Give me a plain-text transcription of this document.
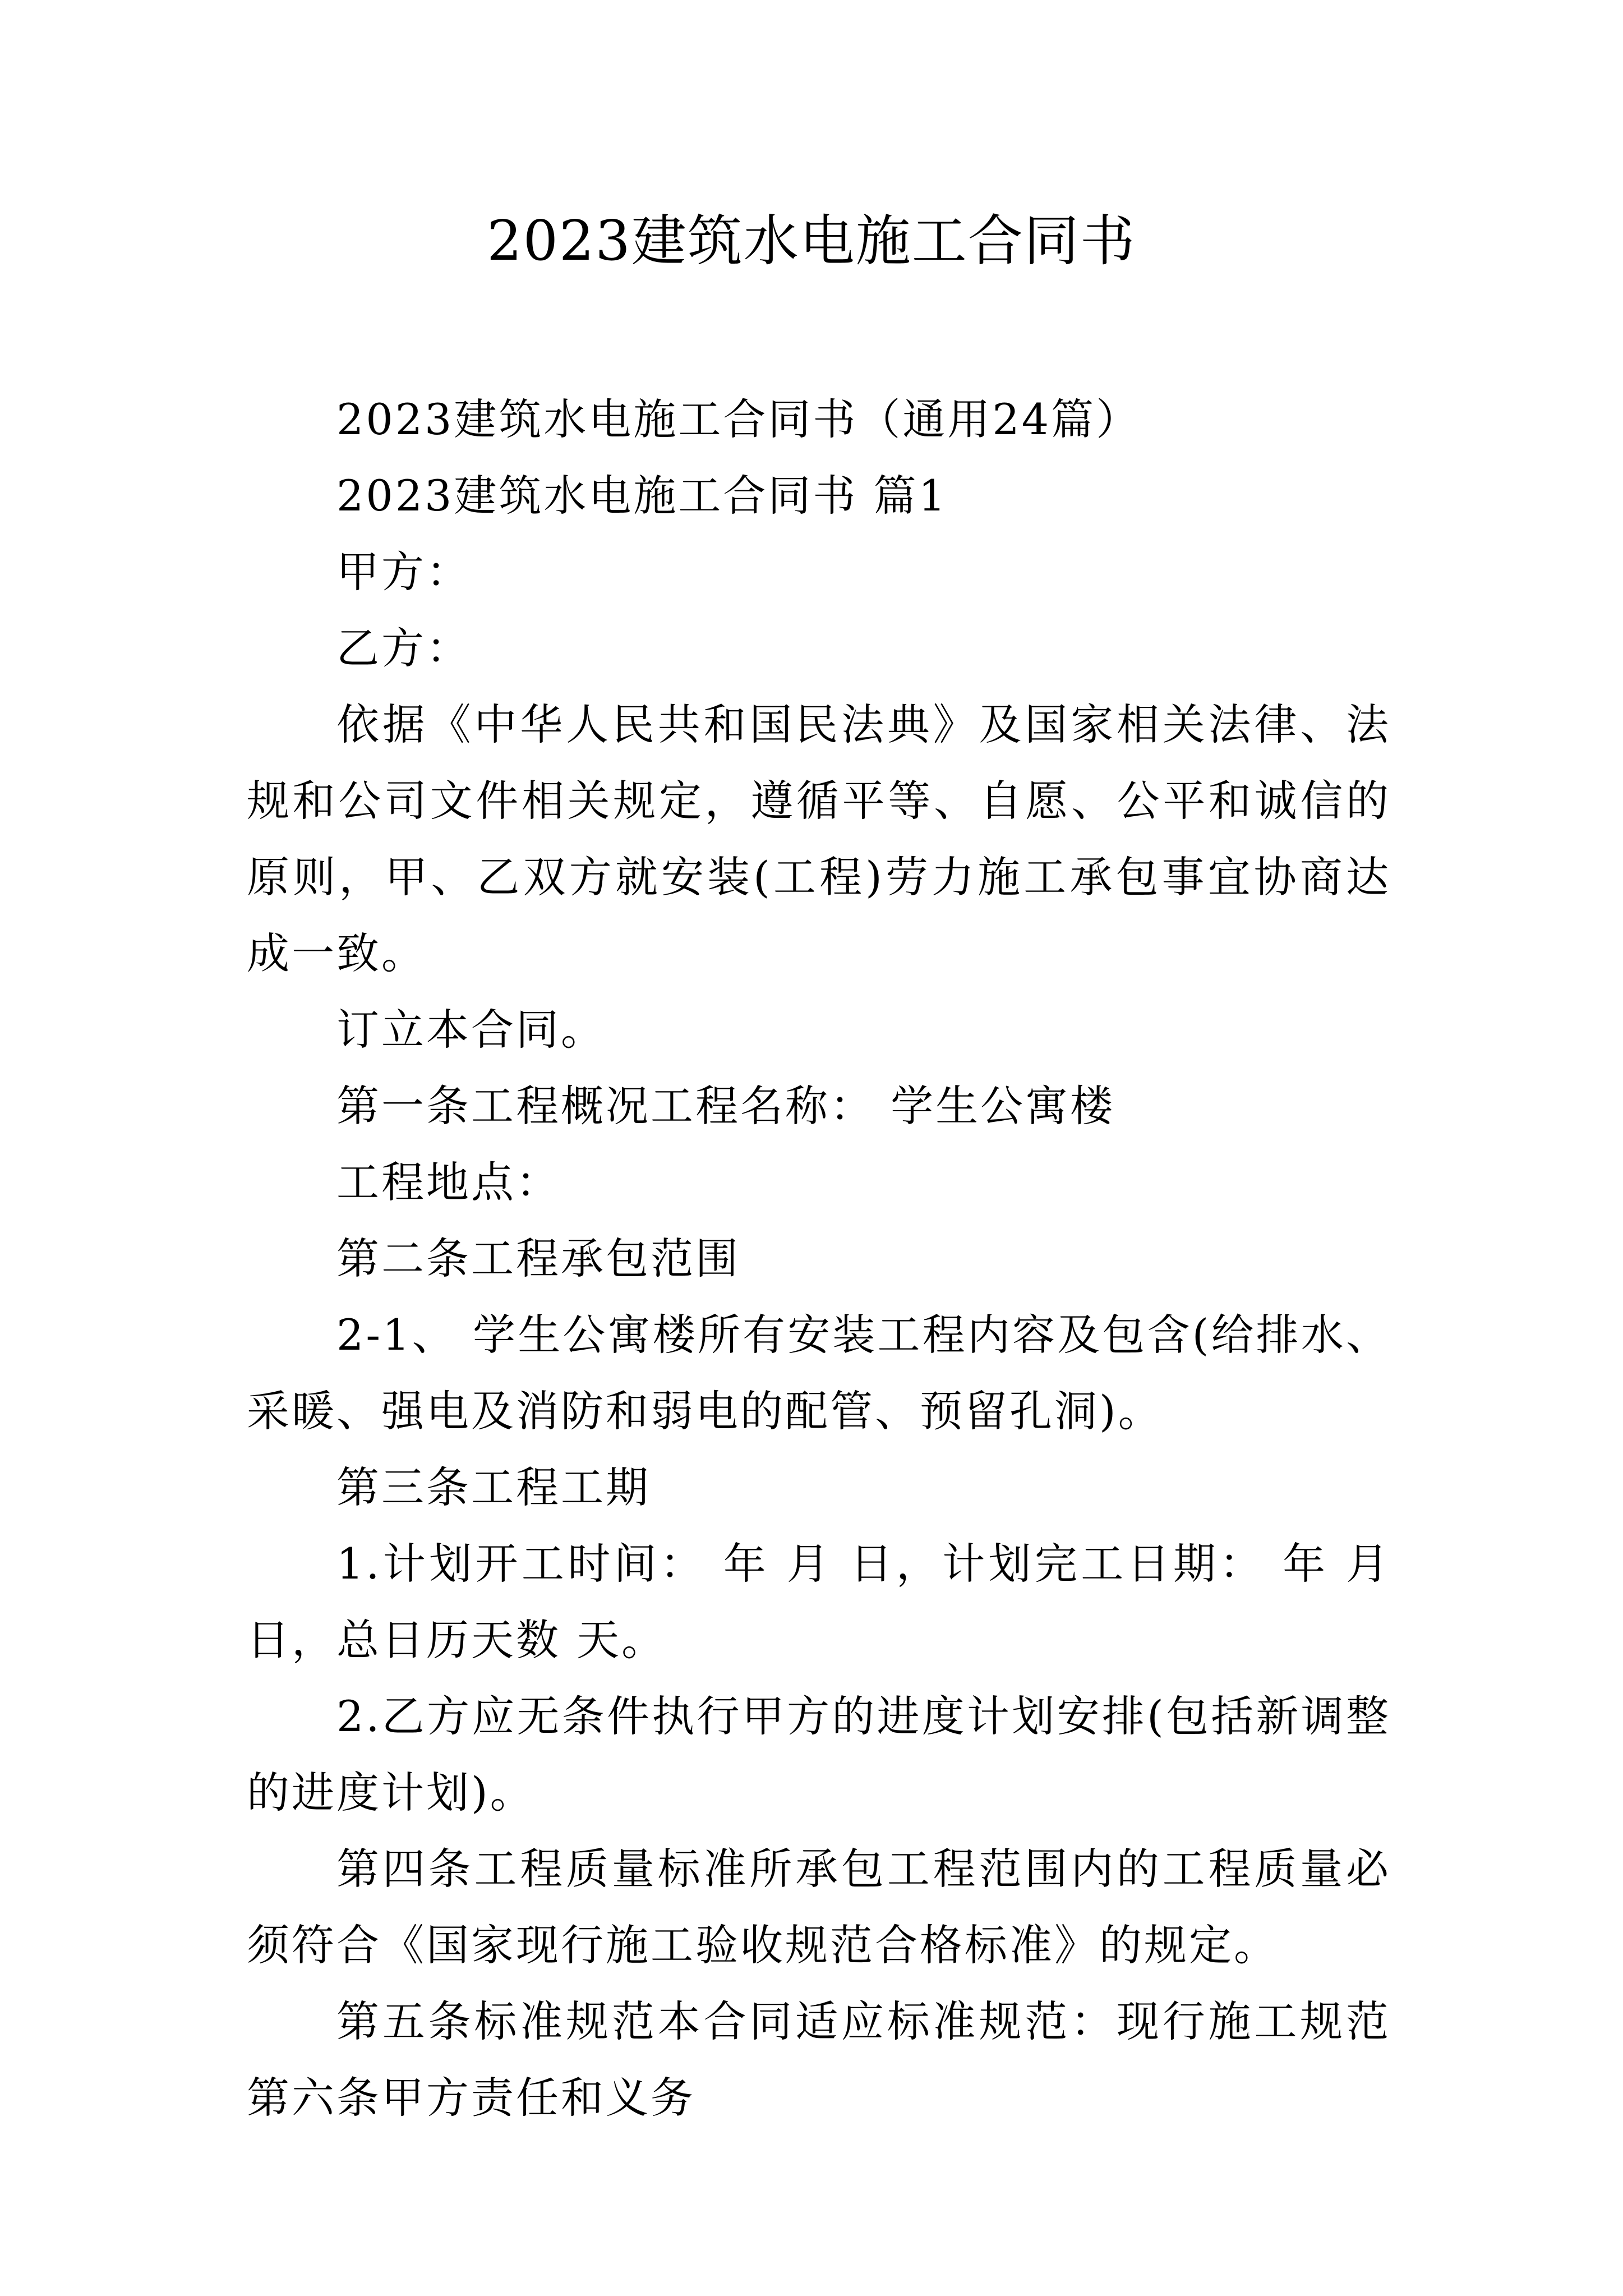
2023建筑水电施工合同书

2023建筑水电施工合同书（通用24篇）

2023建筑水电施工合同书 篇1

甲方：

乙方：

依据《中华人民共和国民法典》及国家相关法律、法规和公司文件相关规定，遵循平等、自愿、公平和诚信的原则，甲、乙双方就安装(工程)劳力施工承包事宜协商达成一致。

订立本合同。

第一条工程概况工程名称： 学生公寓楼

工程地点：

第二条工程承包范围

2-1、 学生公寓楼所有安装工程内容及包含(给排水、采暖、强电及消防和弱电的配管、预留孔洞)。

第三条工程工期

1.计划开工时间： 年 月 日，计划完工日期： 年 月 日，总日历天数 天。

2.乙方应无条件执行甲方的进度计划安排(包括新调整的进度计划)。

第四条工程质量标准所承包工程范围内的工程质量必须符合《国家现行施工验收规范合格标准》的规定。

第五条标准规范本合同适应标准规范：现行施工规范第六条甲方责任和义务
